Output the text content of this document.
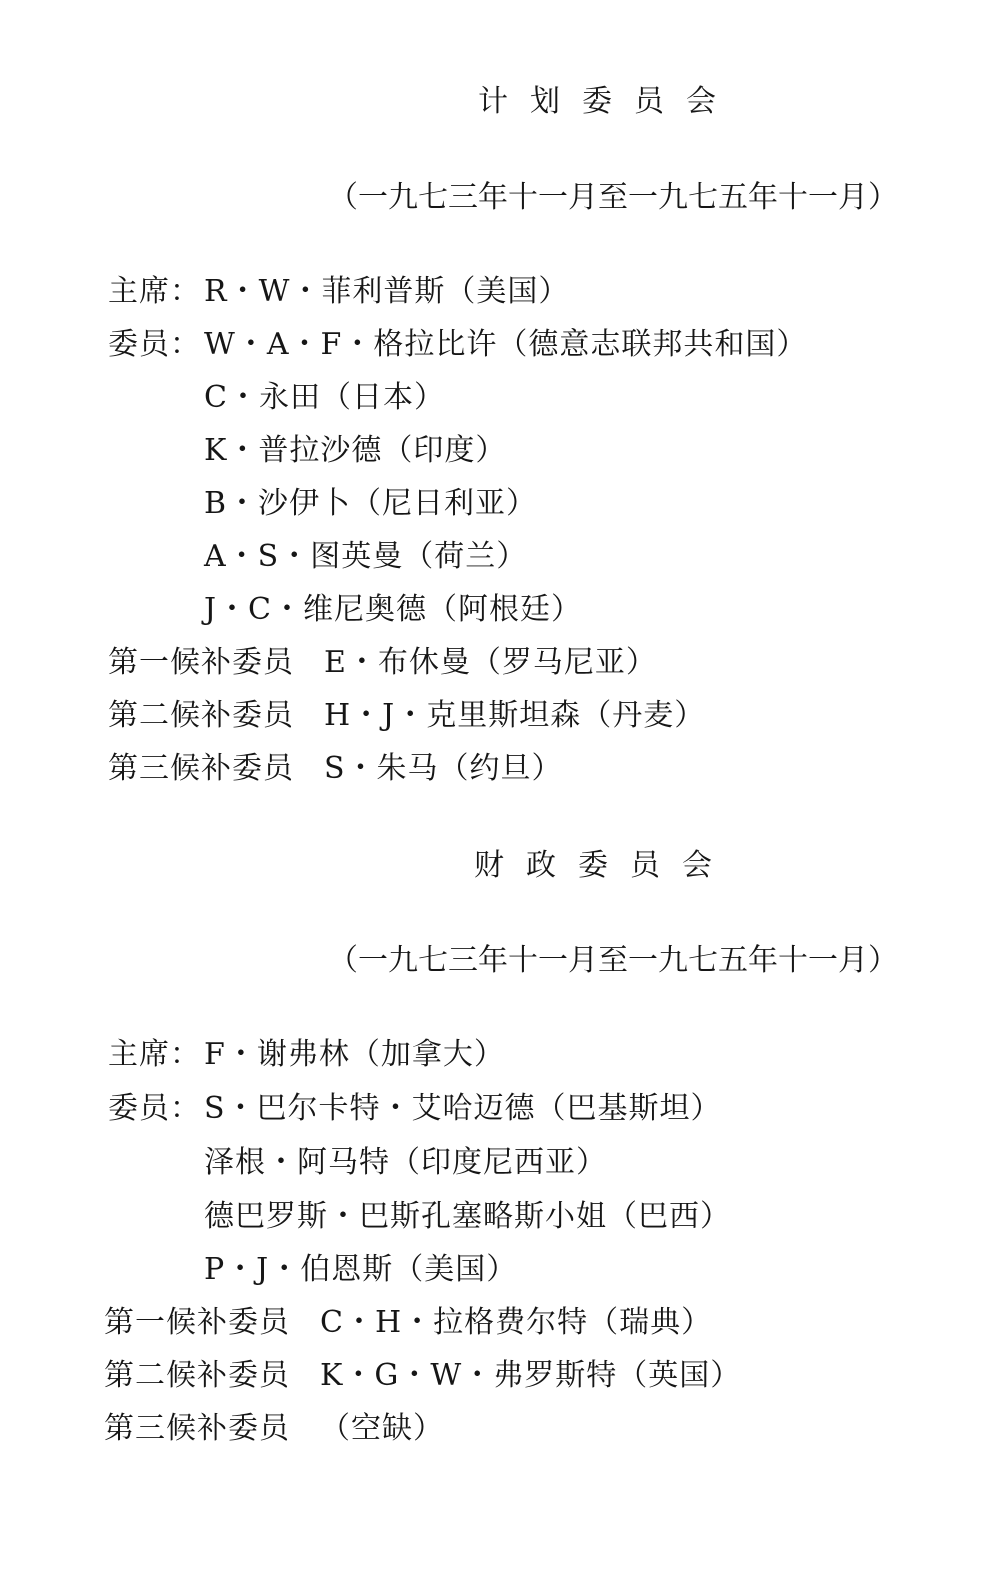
计划委员会
（一九七三年十一月至一九七五年十一月）
主席： R・W・菲利普斯（美国）
委员： W・A・F・格拉比许（德意志联邦共和国）
C・永田（日本）
K・普拉沙德（印度）
B・沙伊卜（尼日利亚）
A・S・图英曼（荷兰）
J・C・维尼奥德（阿根廷）
第一候补委员 E・布休曼（罗马尼亚）
第二候补委员 H・J・克里斯坦森（丹麦）
第三候补委员 S・朱马（约旦）
财政委员会
（一九七三年十一月至一九七五年十一月）
主席： F・谢弗林（加拿大）
委员： S・巴尔卡特・艾哈迈德（巴基斯坦）
泽根・阿马特（印度尼西亚）
德巴罗斯・巴斯孔塞略斯小姐（巴西）
P・J・伯恩斯（美国）
第一候补委员 C・H・拉格费尔特（瑞典）
第二候补委员 K・G・W・弗罗斯特（英国）
第三候补委员 （空缺）
